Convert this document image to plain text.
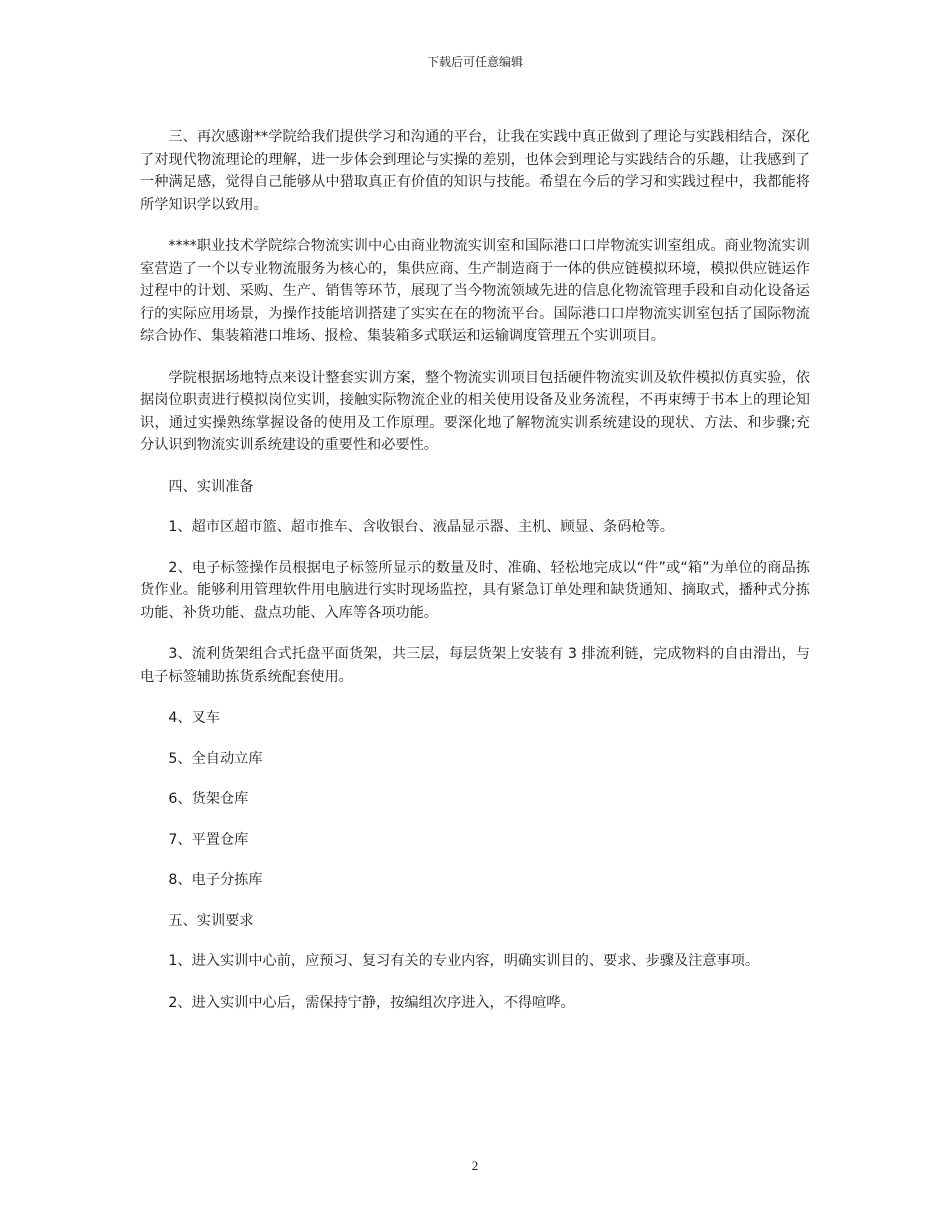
下载后可任意编辑

三、再次感谢**学院给我们提供学习和沟通的平台，让我在实践中真正做到了理论与实践相结合，深化了对现代物流理论的理解，进一步体会到理论与实操的差别，也体会到理论与实践结合的乐趣，让我感到了一种满足感，觉得自己能够从中猎取真正有价值的知识与技能。希望在今后的学习和实践过程中，我都能将所学知识学以致用。

****职业技术学院综合物流实训中心由商业物流实训室和国际港口口岸物流实训室组成。商业物流实训室营造了一个以专业物流服务为核心的，集供应商、生产制造商于一体的供应链模拟环境，模拟供应链运作过程中的计划、采购、生产、销售等环节，展现了当今物流领域先进的信息化物流管理手段和自动化设备运行的实际应用场景，为操作技能培训搭建了实实在在的物流平台。国际港口口岸物流实训室包括了国际物流综合协作、集装箱港口堆场、报检、集装箱多式联运和运输调度管理五个实训项目。

学院根据场地特点来设计整套实训方案，整个物流实训项目包括硬件物流实训及软件模拟仿真实验，依据岗位职责进行模拟岗位实训，接触实际物流企业的相关使用设备及业务流程，不再束缚于书本上的理论知识，通过实操熟练掌握设备的使用及工作原理。要深化地了解物流实训系统建设的现状、方法、和步骤;充分认识到物流实训系统建设的重要性和必要性。

四、实训准备

1、超市区超市篮、超市推车、含收银台、液晶显示器、主机、顾显、条码枪等。

2、电子标签操作员根据电子标签所显示的数量及时、准确、轻松地完成以“件”或“箱”为单位的商品拣货作业。能够利用管理软件用电脑进行实时现场监控，具有紧急订单处理和缺货通知、摘取式，播种式分拣功能、补货功能、盘点功能、入库等各项功能。

3、流利货架组合式托盘平面货架，共三层，每层货架上安装有 3 排流利链，完成物料的自由滑出，与电子标签辅助拣货系统配套使用。

4、叉车

5、全自动立库

6、货架仓库

7、平置仓库

8、电子分拣库

五、实训要求

1、进入实训中心前，应预习、复习有关的专业内容，明确实训目的、要求、步骤及注意事项。

2、进入实训中心后，需保持宁静，按编组次序进入，不得喧哗。

2
